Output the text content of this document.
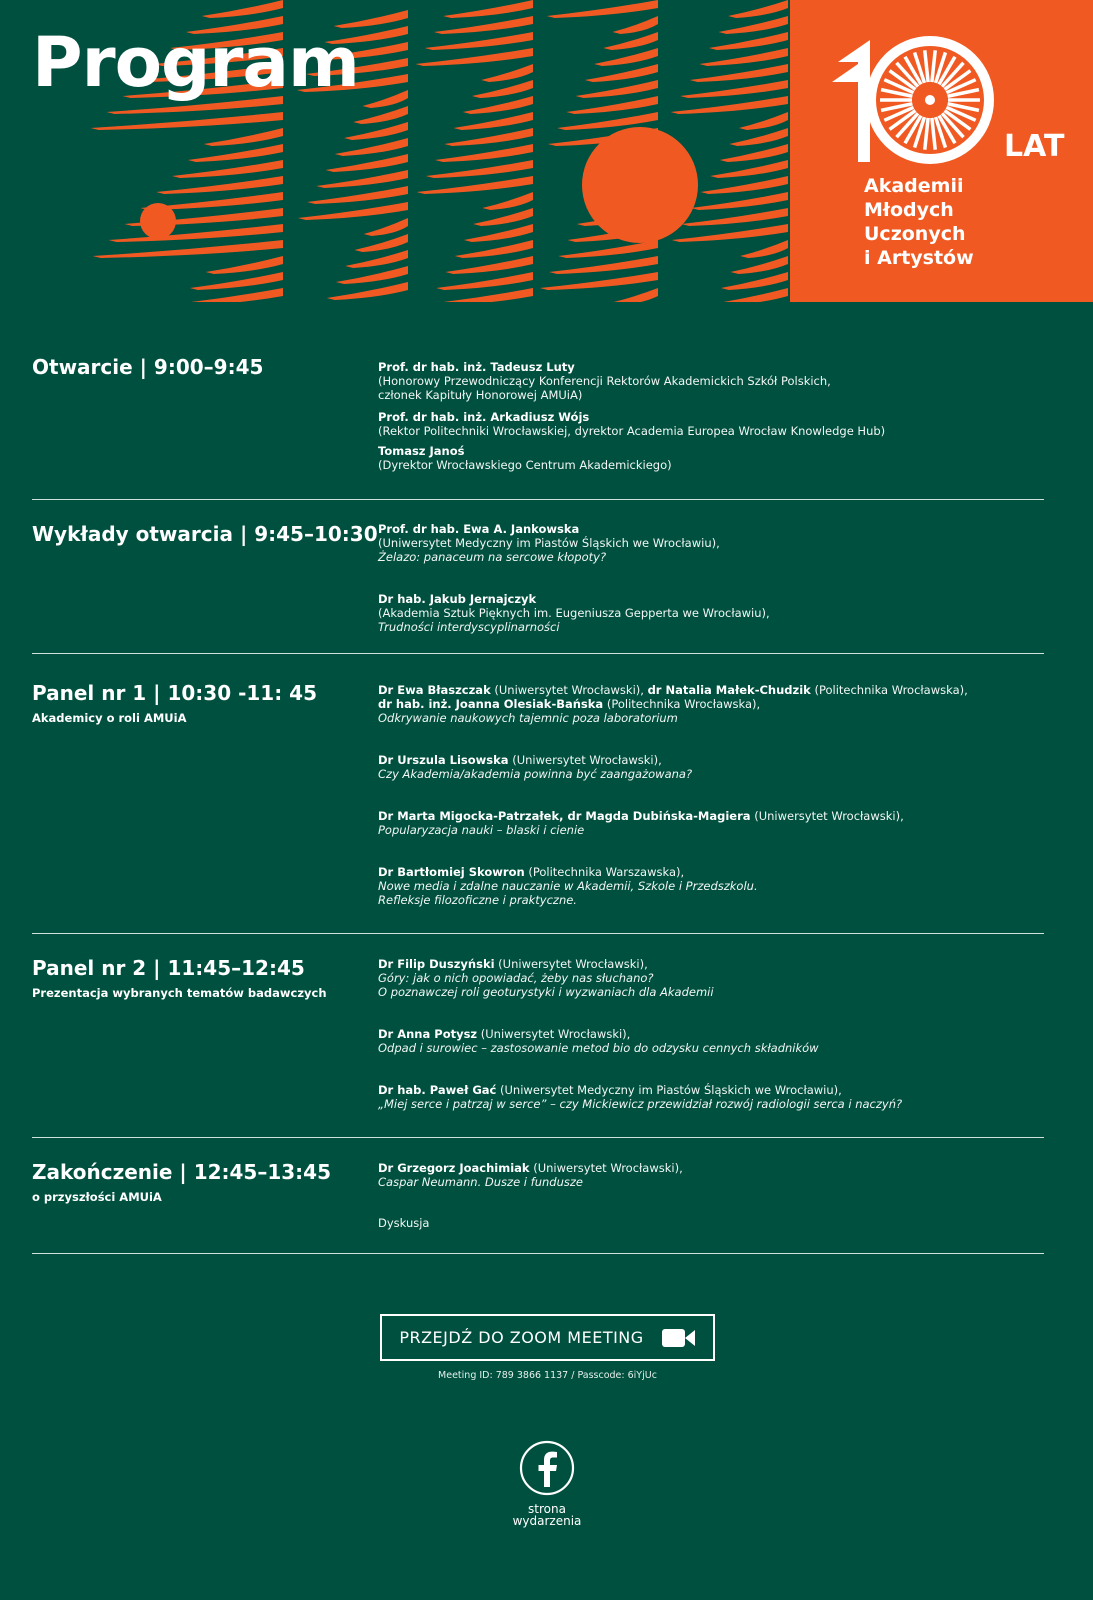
Program
LAT
Akademii
Młodych
Uczonych
i Artystów
Otwarcie | 9:00–9:45	Prof. dr hab. inż. Tadeusz Luty
(Honorowy Przewodniczący Konferencji Rektorów Akademickich Szkół Polskich,
członek Kapituły Honorowej AMUiA)
Prof. dr hab. inż. Arkadiusz Wójs
(Rektor Politechniki Wrocławskiej, dyrektor Academia Europea Wrocław Knowledge Hub)
Tomasz Janoś
(Dyrektor Wrocławskiego Centrum Akademickiego)
Wykłady otwarcia | 9:45–10:30 Prof. dr hab. Ewa A. Jankowska
(Uniwersytet Medyczny im Piastów Śląskich we Wrocławiu),
Żelazo: panaceum na sercowe kłopoty?
Dr hab. Jakub Jernajczyk
(Akademia Sztuk Pięknych im. Eugeniusza Gepperta we Wrocławiu),
Trudności interdyscyplinarności
Panel nr 1 | 10:30 -11: 45
Akademicy o roli AMUiA
Dr Ewa Błaszczak (Uniwersytet Wrocławski), dr Natalia Małek-Chudzik (Politechnika Wrocławska),
dr hab. inż. Joanna Olesiak-Bańska (Politechnika Wrocławska),
Odkrywanie naukowych tajemnic poza laboratorium
Dr Urszula Lisowska (Uniwersytet Wrocławski),
Czy Akademia/akademia powinna być zaangażowana?
Dr Marta Migocka-Patrzałek, dr Magda Dubińska-Magiera (Uniwersytet Wrocławski),
Popularyzacja nauki – blaski i cienie
Dr Bartłomiej Skowron (Politechnika Warszawska),
Nowe media i zdalne nauczanie w Akademii, Szkole i Przedszkolu.
Refleksje filozoficzne i praktyczne.
Panel nr 2 | 11:45–12:45
Prezentacja wybranych tematów badawczych
Dr Filip Duszyński (Uniwersytet Wrocławski),
Góry: jak o nich opowiadać, żeby nas słuchano?
O poznawczej roli geoturystyki i wyzwaniach dla Akademii
Dr Anna Potysz (Uniwersytet Wrocławski),
Odpad i surowiec – zastosowanie metod bio do odzysku cennych składników
Dr hab. Paweł Gać (Uniwersytet Medyczny im Piastów Śląskich we Wrocławiu),
„Miej serce i patrzaj w serce” – czy Mickiewicz przewidział rozwój radiologii serca i naczyń?
Zakończenie | 12:45–13:45
o przyszłości AMUiA
Dr Grzegorz Joachimiak (Uniwersytet Wrocławski),
Caspar Neumann. Dusze i fundusze
Dyskusja
PRZEJDŹ DO ZOOM MEETING
Meeting ID: 789 3866 1137 / Passcode: 6iYjUc
strona
wydarzenia
